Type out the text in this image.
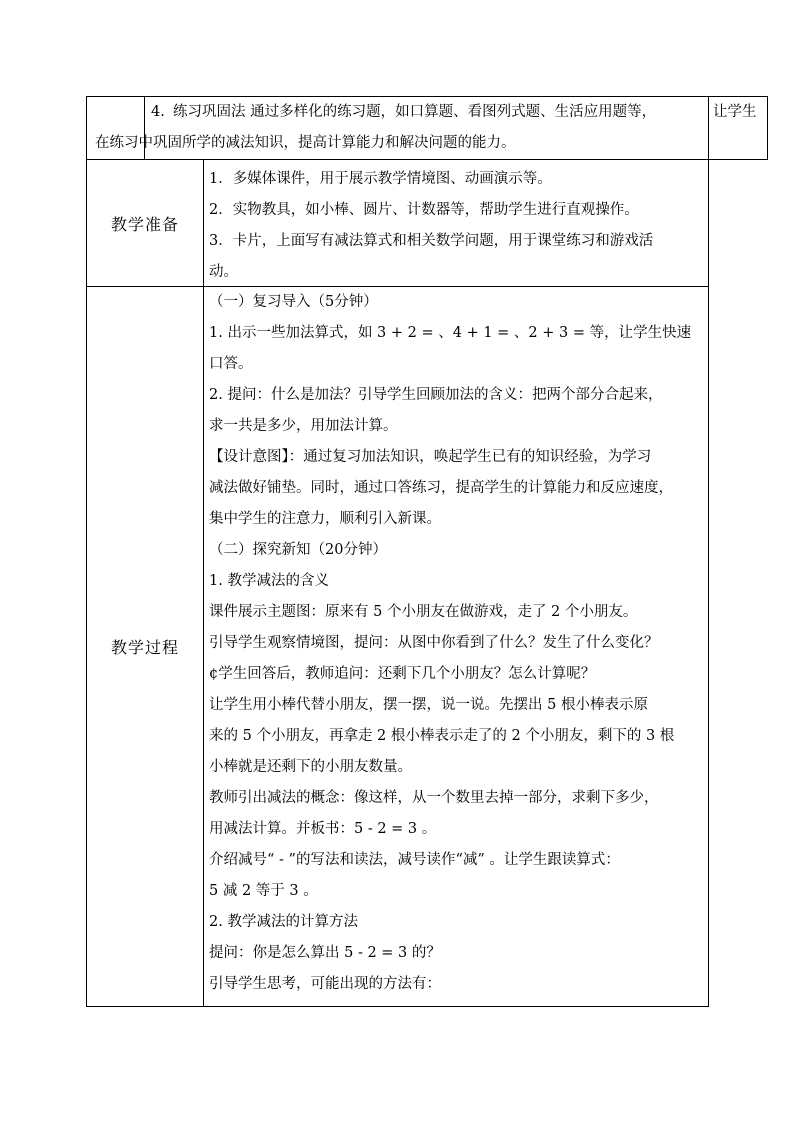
4. 练习巩固法 通过多样化的练习题，如口算题、看图列式题、生活应用题等，	让学生
在练习中巩固所学的减法知识，提高计算能力和解决问题的能力。
教学准备
1．多媒体课件，用于展示教学情境图、动画演示等。
2．实物教具，如小棒、圆片、计数器等，帮助学生进行直观操作。
3．卡片，上面写有减法算式和相关数学问题，用于课堂练习和游戏活
动。
教学过程
（一）复习导入（5分钟）
1. 出示一些加法算式，如 3 + 2 = 、4 + 1 = 、2 + 3 = 等，让学生快速
口答。
2. 提问：什么是加法？引导学生回顾加法的含义：把两个部分合起来，
求一共是多少，用加法计算。
【设计意图】：通过复习加法知识，唤起学生已有的知识经验，为学习
减法做好铺垫。同时，通过口答练习，提高学生的计算能力和反应速度，
集中学生的注意力，顺利引入新课。
（二）探究新知（20分钟）
1. 教学减法的含义
课件展示主题图：原来有 5 个小朋友在做游戏，走了 2 个小朋友。
引导学生观察情境图，提问：从图中你看到了什么？发生了什么变化？
¢学生回答后，教师追问：还剩下几个小朋友？怎么计算呢？
让学生用小棒代替小朋友，摆一摆，说一说。先摆出 5 根小棒表示原
来的 5 个小朋友，再拿走 2 根小棒表示走了的 2 个小朋友，剩下的 3 根
小棒就是还剩下的小朋友数量。
教师引出减法的概念：像这样，从一个数里去掉一部分，求剩下多少，
用减法计算。并板书：5 - 2 = 3 。
介绍减号“ - ”的写法和读法，减号读作“减” 。让学生跟读算式：
5 减 2 等于 3 。
2. 教学减法的计算方法
提问：你是怎么算出 5 - 2 = 3 的？
引导学生思考，可能出现的方法有：
